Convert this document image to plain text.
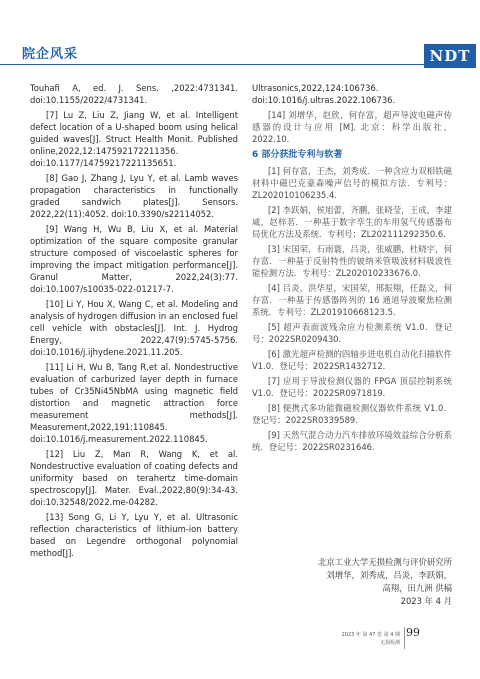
院企风采	NDT

Touhafi A, ed. J. Sens. ,2022:4731341. doi:10.1155/2022/4731341.

[7] Lu Z, Liu Z, Jiang W, et al. Intelligent defect location of a U-shaped boom using helical guided waves[J]. Struct Health Monit. Published online,2022,12:147592172211356. doi:10.1177/14759217221135651.

[8] Gao J, Zhang J, Lyu Y, et al. Lamb waves propagation characteristics in functionally graded sandwich plates[J]. Sensors. 2022,22(11):4052. doi:10.3390/s22114052.

[9] Wang H, Wu B, Liu X, et al. Material optimization of the square composite granular structure composed of viscoelastic spheres for improving the impact mitigation performance[J]. Granul Matter, 2022,24(3):77. doi:10.1007/s10035-022-01217-7.

[10] Li Y, Hou X, Wang C, et al. Modeling and analysis of hydrogen diffusion in an enclosed fuel cell vehicle with obstacles[J]. Int. J. Hydrog Energy, 2022,47(9):5745-5756. doi:10.1016/j.ijhydene.2021.11.205.

[11] Li H, Wu B, Tang R,et al. Nondestructive evaluation of carburized layer depth in furnace tubes of Cr35Ni45NbMA using magnetic field distortion and magnetic attraction force measurement methods[J]. Measurement,2022,191:110845. doi:10.1016/j.measurement.2022.110845.

[12] Liu Z, Man R, Wang K, et al. Nondestructive evaluation of coating defects and uniformity based on terahertz time-domain spectroscopy[J]. Mater. Eval.,2022,80(9):34-43. doi:10.32548/2022.me-04282.

[13] Song G, Li Y, Lyu Y, et al. Ultrasonic reflection characteristics of lithium-ion battery based on Legendre orthogonal polynomial method[J].

Ultrasonics,2022,124:106736. doi:10.1016/j.ultras.2022.106736.

[14] 刘增华，赵欣，何存富，超声导波电磁声传感器的设计与应用 [M]. 北京：科学出版社，2022.10.

6 部分获批专利与软著

[1] 何存富，王杰，刘秀成．一种含应力双相铁磁材料中磁巴克豪森噪声信号的模拟方法．专利号：ZL202010106235.4.

[2] 李跃娟，侯旭蕾，齐鹏，张晓莹，王成，李建威，赵梓茗．一种基于数字孪生的车用氢气传感器布局优化方法及系统．专利号：ZL202111292350.6.

[3] 宋国荣，石雨寰，吕炎，张威鹏，杜晓宇，何存富．一种基于反射特性的铍纳米管吸波材料吸波性能检测方法．专利号：ZL202010233676.0.

[4] 吕炎，洪华星，宋国荣，邢振翔，任磊文，何存富．一种基于传感器阵列的 16 通道导波聚焦检测系统．专利号：ZL201910668123.5.

[5] 超声表面波残余应力检测系统 V1.0．登记号：2022SR0209430.

[6] 激光超声检测的四轴步进电机自动化扫描软件 V1.0．登记号：2022SR1432712.

[7] 应用于导波检测仪器的 FPGA 顶层控制系统 V1.0．登记号：2022SR0971819.

[8] 便携式多功能微磁检测仪器软件系统 V1.0．登记号：2022SR0339589.

[9] 天然气混合动力汽车排放环境效益综合分析系统．登记号：2022SR0231646.

北京工业大学无损检测与评价研究所
刘增华，刘秀成，吕炎，李跃娟，
高翔，田九洲 供稿
2023 年 4 月
2023 年 第 47 卷 第 4 期
无损检测
99
